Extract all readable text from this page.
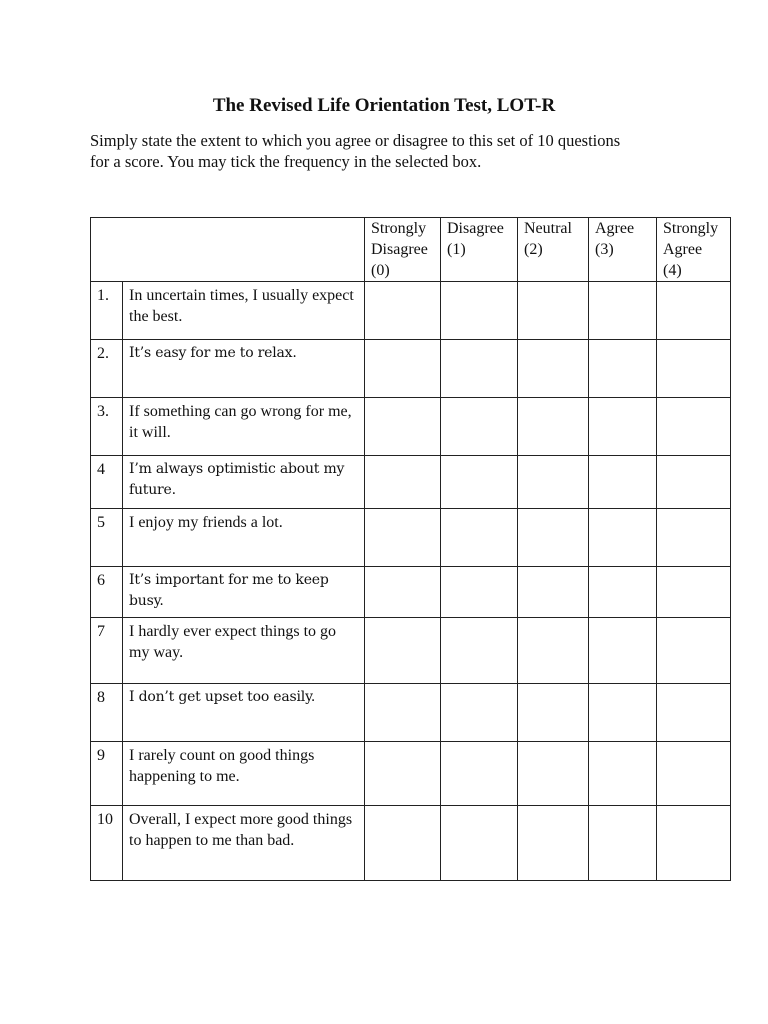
The Revised Life Orientation Test, LOT-R
Simply state the extent to which you agree or disagree to this set of 10 questions
for a score. You may tick the frequency in the selected box.
		Strongly Disagree (0)	Disagree (1)	Neutral (2)	Agree (3)	Strongly Agree (4)
1.	In uncertain times, I usually expect the best.					
2.	It’s easy for me to relax.					
3.	If something can go wrong for me, it will.					
4	I’m always optimistic about my future.					
5	I enjoy my friends a lot.					
6	It’s important for me to keep busy.					
7	I hardly ever expect things to go my way.					
8	I don’t get upset too easily.					
9	I rarely count on good things happening to me.					
10	Overall, I expect more good things to happen to me than bad.					
